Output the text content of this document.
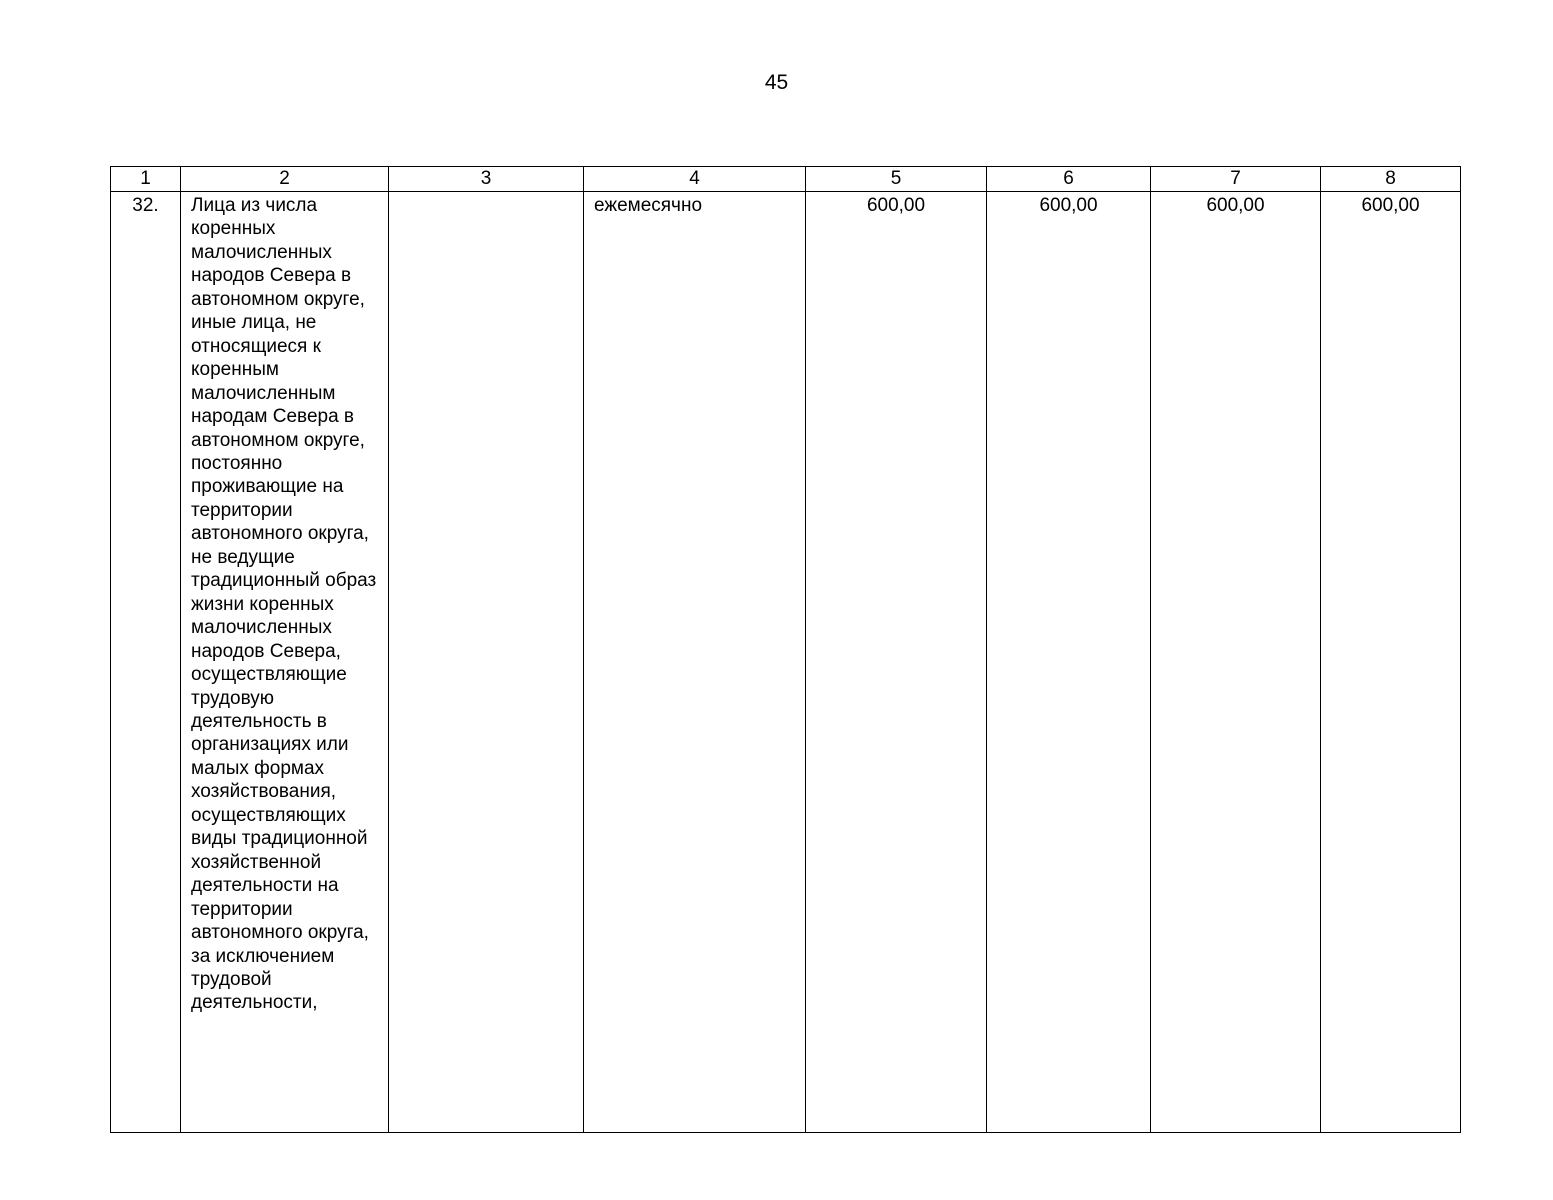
45
1	2	3	4	5	6	7	8
32.	Лица из числа коренных малочисленных народов Севера в автономном округе, иные лица, не относящиеся к коренным малочисленным народам Севера в автономном округе, постоянно проживающие на территории автономного округа, не ведущие традиционный образ жизни коренных малочисленных народов Севера, осуществляющие трудовую деятельность в организациях или малых формах хозяйствования, осуществляющих виды традиционной хозяйственной деятельности на территории автономного округа, за исключением трудовой деятельности,		ежемесячно	600,00	600,00	600,00	600,00
